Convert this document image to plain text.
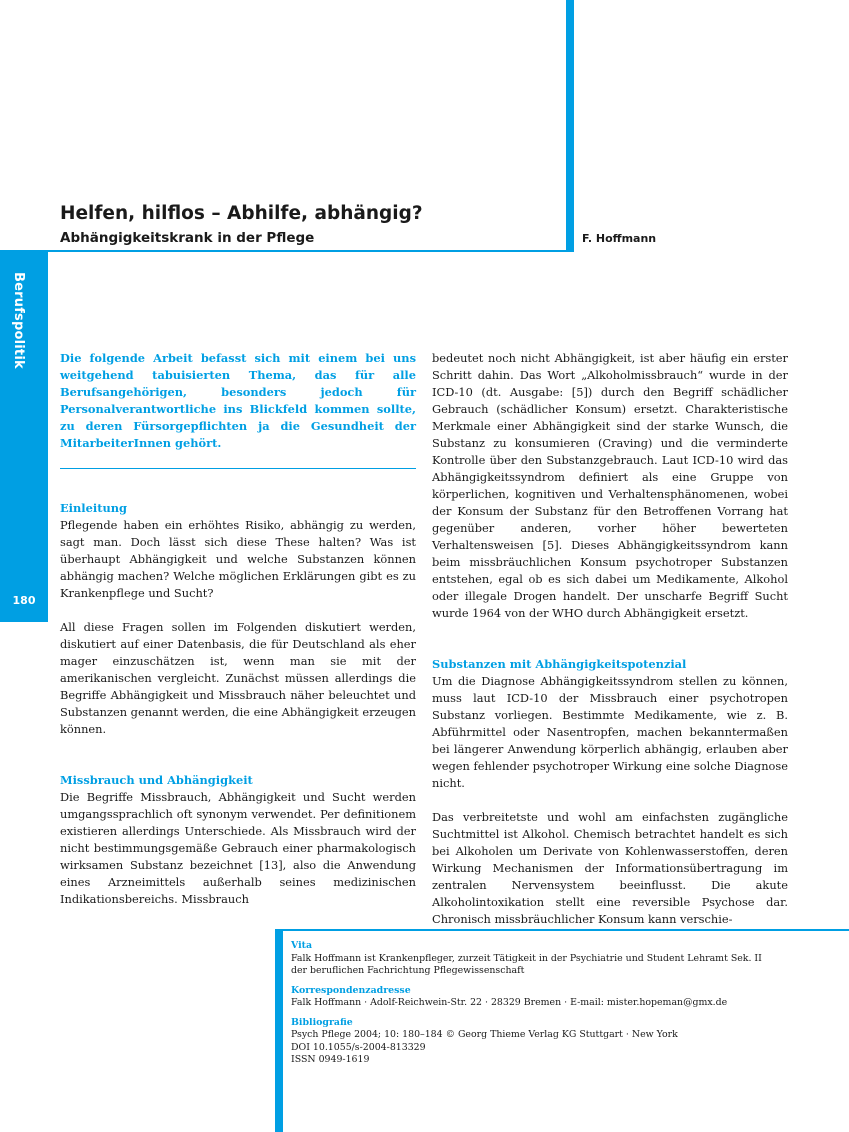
Helfen, hilflos – Abhilfe, abhängig?
Abhängigkeitskrank in der Pflege	F. Hoffmann
Berufspolitik
180

Die folgende Arbeit befasst sich mit einem bei uns weitgehend tabuisierten Thema, das für alle Berufsangehörigen, besonders jedoch für Personalverantwortliche ins Blickfeld kommen sollte, zu deren Fürsorgepflichten ja die Gesundheit der MitarbeiterInnen gehört.

Einleitung

Pflegende haben ein erhöhtes Risiko, abhängig zu werden, sagt man. Doch lässt sich diese These halten? Was ist überhaupt Abhängigkeit und welche Substanzen können abhängig machen? Welche möglichen Erklärungen gibt es zu Krankenpflege und Sucht?

All diese Fragen sollen im Folgenden diskutiert werden, diskutiert auf einer Datenbasis, die für Deutschland als eher mager einzuschätzen ist, wenn man sie mit der amerikanischen vergleicht. Zunächst müssen allerdings die Begriffe Abhängigkeit und Missbrauch näher beleuchtet und Substanzen genannt werden, die eine Abhängigkeit erzeugen können.

Missbrauch und Abhängigkeit

Die Begriffe Missbrauch, Abhängigkeit und Sucht werden umgangssprachlich oft synonym verwendet. Per definitionem existieren allerdings Unterschiede. Als Missbrauch wird der nicht bestimmungsgemäße Gebrauch einer pharmakologisch wirksamen Substanz bezeichnet [13], also die Anwendung eines Arzneimittels außerhalb seines medizinischen Indikationsbereichs. Missbrauch

bedeutet noch nicht Abhängigkeit, ist aber häufig ein erster Schritt dahin. Das Wort „Alkoholmissbrauch“ wurde in der ICD-10 (dt. Ausgabe: [5]) durch den Begriff schädlicher Gebrauch (schädlicher Konsum) ersetzt. Charakteristische Merkmale einer Abhängigkeit sind der starke Wunsch, die Substanz zu konsumieren (Craving) und die verminderte Kontrolle über den Substanzgebrauch. Laut ICD-10 wird das Abhängigkeitssyndrom definiert als eine Gruppe von körperlichen, kognitiven und Verhaltensphänomenen, wobei der Konsum der Substanz für den Betroffenen Vorrang hat gegenüber anderen, vorher höher bewerteten Verhaltensweisen [5]. Dieses Abhängigkeitssyndrom kann beim missbräuchlichen Konsum psychotroper Substanzen entstehen, egal ob es sich dabei um Medikamente, Alkohol oder illegale Drogen handelt. Der unscharfe Begriff Sucht wurde 1964 von der WHO durch Abhängigkeit ersetzt.

Substanzen mit Abhängigkeitspotenzial

Um die Diagnose Abhängigkeitssyndrom stellen zu können, muss laut ICD-10 der Missbrauch einer psychotropen Substanz vorliegen. Bestimmte Medikamente, wie z. B. Abführmittel oder Nasentropfen, machen bekanntermaßen bei längerer Anwendung körperlich abhängig, erlauben aber wegen fehlender psychotroper Wirkung eine solche Diagnose nicht.

Das verbreitetste und wohl am einfachsten zugängliche Suchtmittel ist Alkohol. Chemisch betrachtet handelt es sich bei Alkoholen um Derivate von Kohlenwasserstoffen, deren Wirkung Mechanismen der Informationsübertragung im zentralen Nervensystem beeinflusst. Die akute Alkoholintoxikation stellt eine reversible Psychose dar. Chronisch missbräuchlicher Konsum kann verschie-

Vita
Falk Hoffmann ist Krankenpfleger, zurzeit Tätigkeit in der Psychiatrie und Student Lehramt Sek. II der beruflichen Fachrichtung Pflegewissenschaft
Korrespondenzadresse
Falk Hoffmann · Adolf-Reichwein-Str. 22 · 28329 Bremen · E-mail: mister.hopeman@gmx.de
Bibliografie
Psych Pflege 2004; 10: 180–184 © Georg Thieme Verlag KG Stuttgart · New York
DOI 10.1055/s-2004-813329
ISSN 0949-1619
